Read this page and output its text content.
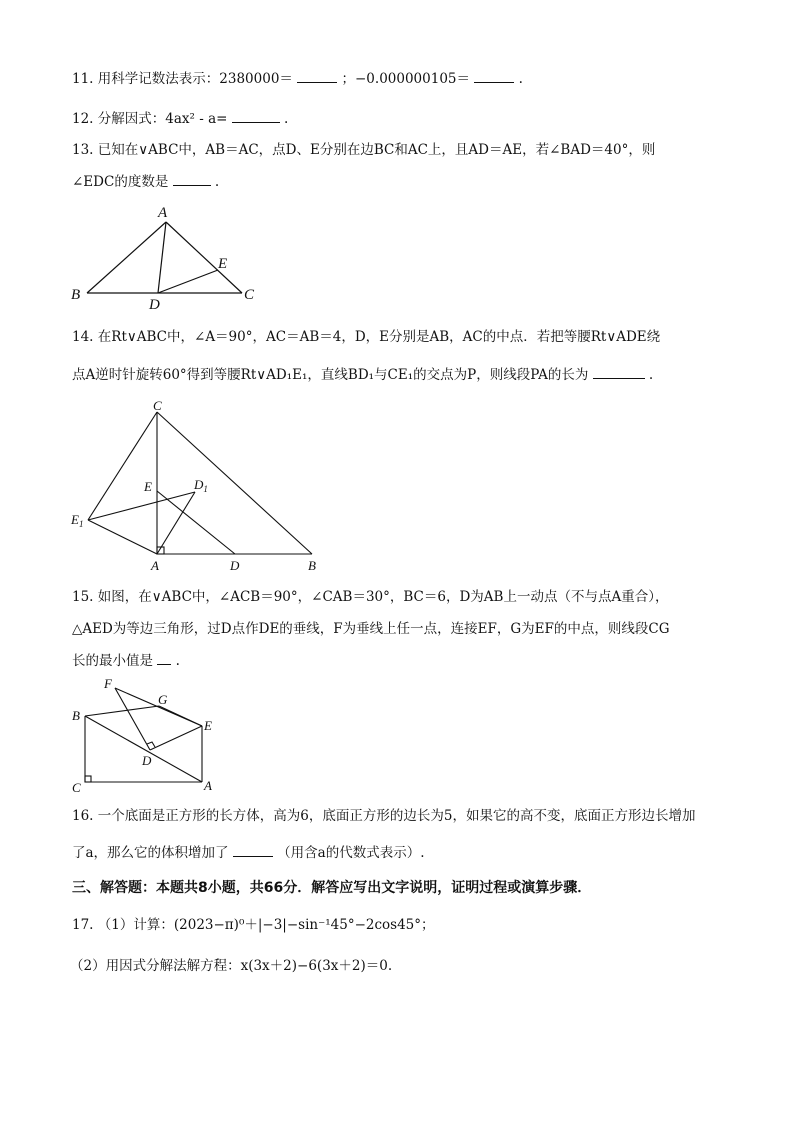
11. 用科学记数法表示：2380000＝	；−0.000000105＝	.
12. 分解因式：4ax² - a=	.
13. 已知在∨ABC中，AB＝AC，点D、E分别在边BC和AC上，且AD＝AE，若∠BAD＝40°，则
∠EDC的度数是	.
A
B	C
D
E
14. 在Rt∨ABC中，∠A＝90°，AC＝AB＝4，D，E分别是AB，AC的中点．若把等腰Rt∨ADE绕
点A逆时针旋转60°得到等腰Rt∨AD₁E₁，直线BD₁与CE₁的交点为P，则线段PA的长为	.
C
E	$D_1$
$E_1$
A	D	B
15. 如图，在∨ABC中，∠ACB＝90°，∠CAB＝30°，BC＝6，D为AB上一动点（不与点A重合），
△AED为等边三角形，过D点作DE的垂线，F为垂线上任一点，连接EF，G为EF的中点，则线段CG
长的最小值是 .
F
G
B
E
D
C	A
16. 一个底面是正方形的长方体，高为6，底面正方形的边长为5，如果它的高不变，底面正方形边长增加
了a，那么它的体积增加了	（用含a的代数式表示）.
三、解答题：本题共8小题，共66分．解答应写出文字说明，证明过程或演算步骤．
17. （1）计算：(2023−π)⁰＋|−3|−sin⁻¹45°−2cos45°；
（2）用因式分解法解方程：x(3x＋2)−6(3x＋2)＝0.
